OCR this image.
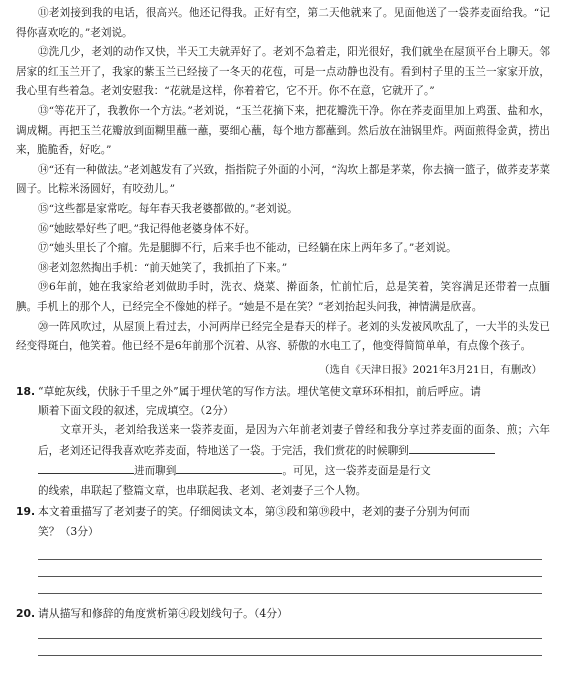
⑪老刘接到我的电话，很高兴。他还记得我。正好有空，第二天他就来了。见面他送了一袋荞麦面给我。“记得你喜欢吃的。”老刘说。

⑫洗几少，老刘的动作又快，半天工夫就弄好了。老刘不急着走，阳光很好，我们就坐在屋顶平台上聊天。邻居家的红玉兰开了，我家的紫玉兰已经接了一冬天的花苞，可是一点动静也没有。看到村子里的玉兰一家家开放，我心里有些着急。老刘安慰我：“花就是这样，你着着它，它不开。你不在意，它就开了。”

⑬“等花开了，我教你一个方法。”老刘说，“玉兰花摘下来，把花瓣洗干净。你在荞麦面里加上鸡蛋、盐和水，调成糊。再把玉兰花瓣放到面糊里蘸一蘸，要细心蘸，每个地方都蘸到。然后放在油锅里炸。两面煎得金黄，捞出来，脆脆香，好吃。”

⑭“还有一种做法。”老刘越发有了兴致，指指院子外面的小河，“沟坎上都是茅菜，你去摘一篮子，做荞麦茅菜圆子。比粽米汤圆好，有咬劲儿。”

⑮“这些都是家常吃。每年春天我老婆都做的。”老刘说。

⑯“她眩晕好些了吧。”我记得他老婆身体不好。

⑰“她头里长了个瘤。先是腿脚不行，后来手也不能动，已经躺在床上两年多了。”老刘说。

⑱老刘忽然掏出手机：“前天她笑了，我抓拍了下来。”

⑲6年前，她在我家给老刘做助手时，洗衣、烧菜、擀面条，忙前忙后，总是笑着，笑容满足还带着一点腼腆。手机上的那个人，已经完全不像她的样子。“她是不是在笑？”老刘抬起头问我，神情满是欣喜。

⑳一阵风吹过，从屋顶上看过去，小河两岸已经完全是春天的样子。老刘的头发被风吹乱了，一大半的头发已经变得斑白，他笑着。他已经不是6年前那个沉着、从容、骄傲的水电工了，他变得简简单单，有点像个孩子。

（选自《天津日报》2021年3月21日，有删改）

18. “草蛇灰线，伏脉于千里之外”属于埋伏笔的写作方法。埋伏笔使文章环环相扣，前后呼应。请

顺着下面文段的叙述，完成填空。（2分）

文章开头，老刘给我送来一袋荞麦面，是因为六年前老刘妻子曾经和我分享过荞麦面的面条、煎；六年后，老刘还记得我喜欢吃荞麦面，特地送了一袋。于完活，我们赏花的时候聊到

进而聊到	。可见，这一袋荞麦面是是行文

的线索，串联起了整篇文章，也串联起我、老刘、老刘妻子三个人物。

19. 本文着重描写了老刘妻子的笑。仔细阅读文本，第③段和第⑲段中，老刘的妻子分别为何而

笑？（3分）

20. 请从描写和修辞的角度赏析第④段划线句子。（4分）
